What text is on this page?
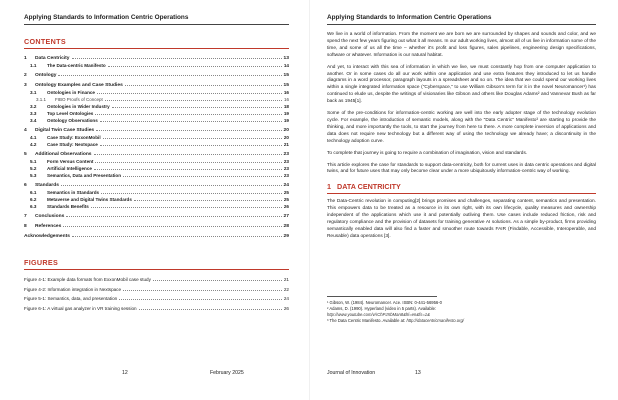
Applying Standards to Information Centric Operations
CONTENTS
1	Data Centricity	13
1.1	The Data-centric Manifesto	14
2	Ontology	15
3	Ontology Examples and Case Studies	15
3.1	Ontologies in Finance	16
3.1.1	FIBO Proofs of Concept	16
3.2	Ontologies in Wider Industry	18
3.3	Top Level Ontologies	19
3.4	Ontology Observations	19
4	Digital Twin Case Studies	20
4.1	Case Study: ExxonMobil	20
4.2	Case Study: Nextspace	21
5	Additional Observations	23
5.1	Form Versus Content	23
5.2	Artificial Intelligence	23
5.3	Semantics, Data and Presentation	23
6	Standards	24
6.1	Semantics in Standards	25
6.2	Metaverse and Digital Twins Standards	25
6.3	Standards Benefits	26
7	Conclusions	27
8	References	28
Acknowledgements	29
FIGURES
Figure 4-1: Example data formats from ExxonMobil case study	21
Figure 4-2: Information integration in Nextspace	22
Figure 5-1: Semantics, data, and presentation	24
Figure 6-1: A virtual gas analyzer in VR training session	26
12	February 2025
Applying Standards to Information Centric Operations

We live in a world of information. From the moment we are born we are surrounded by shapes and sounds and color, and we spend the next few years figuring out what it all means. In our adult working lives, almost all of us live in information some of the time, and some of us all the time – whether it's profit and loss figures, sales pipelines, engineering design specifications, software or whatever. Information is our natural habitat.

And yet, to interact with this sea of information in which we live, we must constantly hop from one computer application to another. Or in some cases do all our work within one application and use extra features they introduced to let us handle diagrams in a word processor, paragraph layouts in a spreadsheet and so on. The idea that we could spend our working lives within a single integrated information space ("Cyberspace," to use William Gibson's term for it in the novel Neuromancer¹) has continued to elude us, despite the writings of visionaries like Gibson and others like Douglas Adams² and Vannevar Bush as far back as 1945[1].

Some of the pre-conditions for information-centric working are well into the early adopter stage of the technology evolution cycle. For example, the introduction of semantic models, along with the "Data Centric" Manifesto³ are starting to provide the thinking, and more importantly the tools, to start the journey from here to there. A more complete inversion of applications and data does not require new technology but a different way of using the technology we already have; a discontinuity in the technology adoption curve.

To complete that journey is going to require a combination of imagination, vision and standards.

This article explores the case for standards to support data-centricity, both for current uses in data centric operations and digital twins, and for future uses that may only become clear under a more ubiquitously information-centric way of working.

1 DATA CENTRICITY

The Data-Centric revolution in computing[2] brings promises and challenges, separating content, semantics and presentation. This empowers data to be treated as a resource in its own right, with its own lifecycle, quality measures and ownership independent of the applications which use it and potentially outliving them. Use cases include reduced friction, risk and regulatory compliance and the provision of datasets for training generative AI solutions. As a simple by-product, firms providing semantically enabled data will also find a faster and smoother route towards FAIR (Findable, Accessible, Interoperable, and Reusable) data operations [3].

¹ Gibson, W. (1984). Neuromancer. Ace. ISBN: 0-441-56956-0
² Adams, D. (1990). Hyperland (video in 5 parts). Available:
http://www.youtube.com/v/rChPJXbMan8&hl=en&fs=1&
³ The Data Centric Manifesto. Available at: http://datacentricmanifesto.org/
Journal of Innovation	13
